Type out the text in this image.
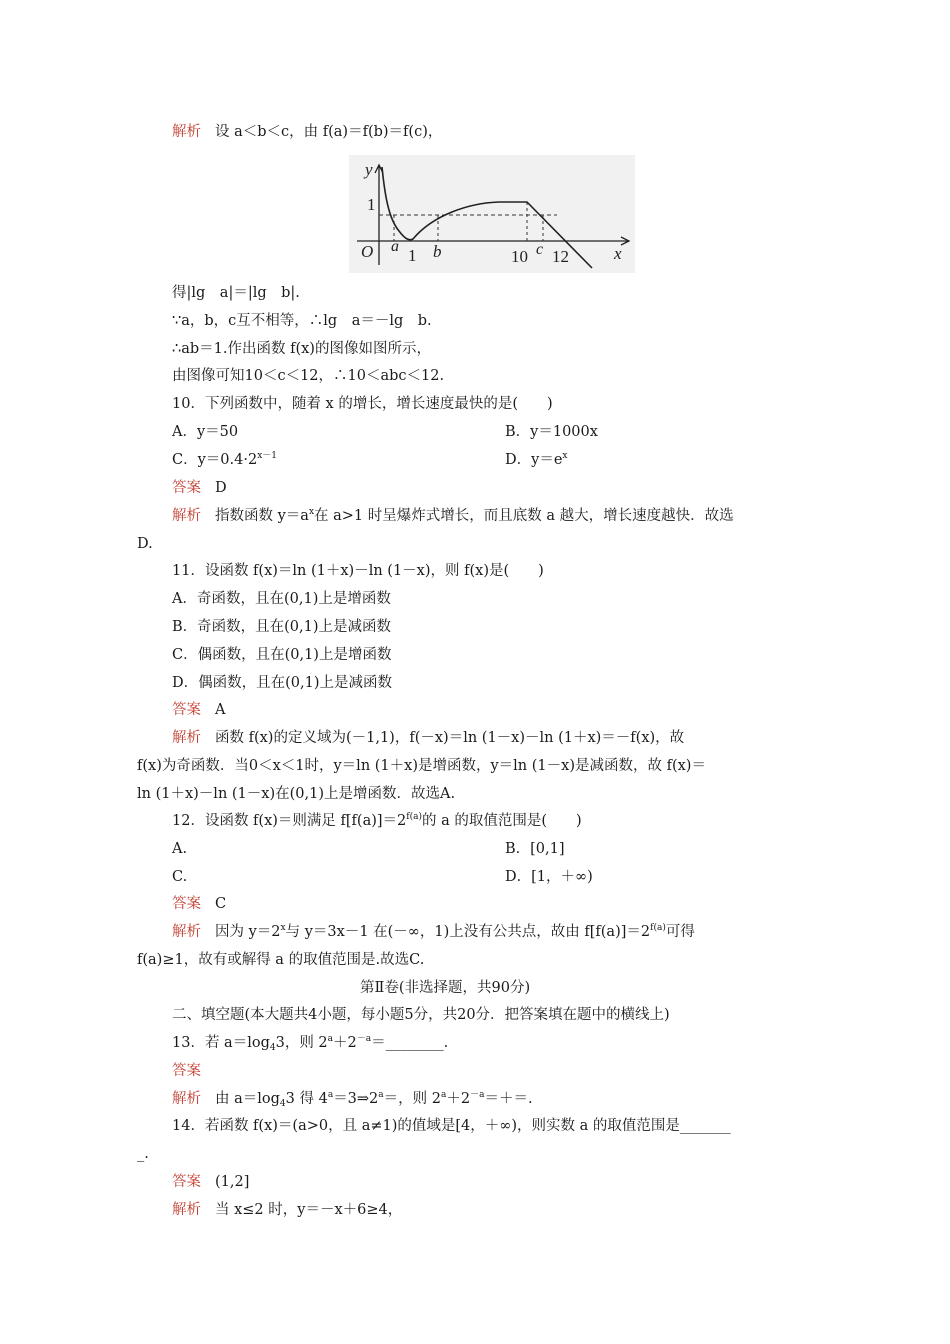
解析 设 a＜b＜c，由 f(a)＝f(b)＝f(c)，
y
x
O
1
a 1 b	10 c 12
得|lg　a|＝|lg　b|.
∵a，b，c互不相等，∴lg　a＝－lg　b.
∴ab＝1.作出函数 f(x)的图像如图所示，
由图像可知10＜c＜12，∴10＜abc＜12.
10．下列函数中，随着 x 的增长，增长速度最快的是(　　)
A．y＝50	B．y＝1000x
C．$y=0.4\cdot 2^{x-1}$	D．$y=e^x$
答案 D
解析 指数函数 $y=a^x$在 a>1 时呈爆炸式增长，而且底数 a 越大，增长速度越快．故选
D.
11．设函数 f(x)＝ln (1＋x)－ln (1－x)，则 f(x)是(　　)
A．奇函数，且在(0,1)上是增函数
B．奇函数，且在(0,1)上是减函数
C．偶函数，且在(0,1)上是增函数
D．偶函数，且在(0,1)上是减函数
答案 A
解析 函数 f(x)的定义域为(－1,1)，f(－x)＝ln (1－x)－ln (1＋x)＝－f(x)，故
f(x)为奇函数．当0＜x＜1时，y＝ln (1＋x)是增函数，y＝ln (1－x)是减函数，故 f(x)＝
ln (1＋x)－ln (1－x)在(0,1)上是增函数．故选A.
12．设函数 f(x)＝则满足 $f[f(a)]=2^{f(a)}$的 a 的取值范围是(　　)
A.	B．[0,1]
C.	D．[1，＋∞)
答案 C
解析 因为 $y=2^x$与 y＝3x－1 在(－∞，1)上没有公共点，故由 $f[f(a)]=2^{f(a)}$可得
f(a)≥1，故有或解得 a 的取值范围是.故选C.
第Ⅱ卷(非选择题，共90分)
二、填空题(本大题共4小题，每小题5分，共20分．把答案填在题中的横线上)
13．若 $a=\log_43$，则 $2^a+2^{-a}=\_\_\_\_\_\_\_\_$.
答案
解析 由 $a=\log_43$ 得 $4^a=3\Rightarrow 2^a=$，则 $2^a+2^{-a}=+=$.
14．若函数 f(x)＝(a>0，且 a≠1)的值域是[4，＋∞)，则实数 a 的取值范围是_______
_.
答案 (1,2]
解析 当 x≤2 时，y＝－x＋6≥4，
